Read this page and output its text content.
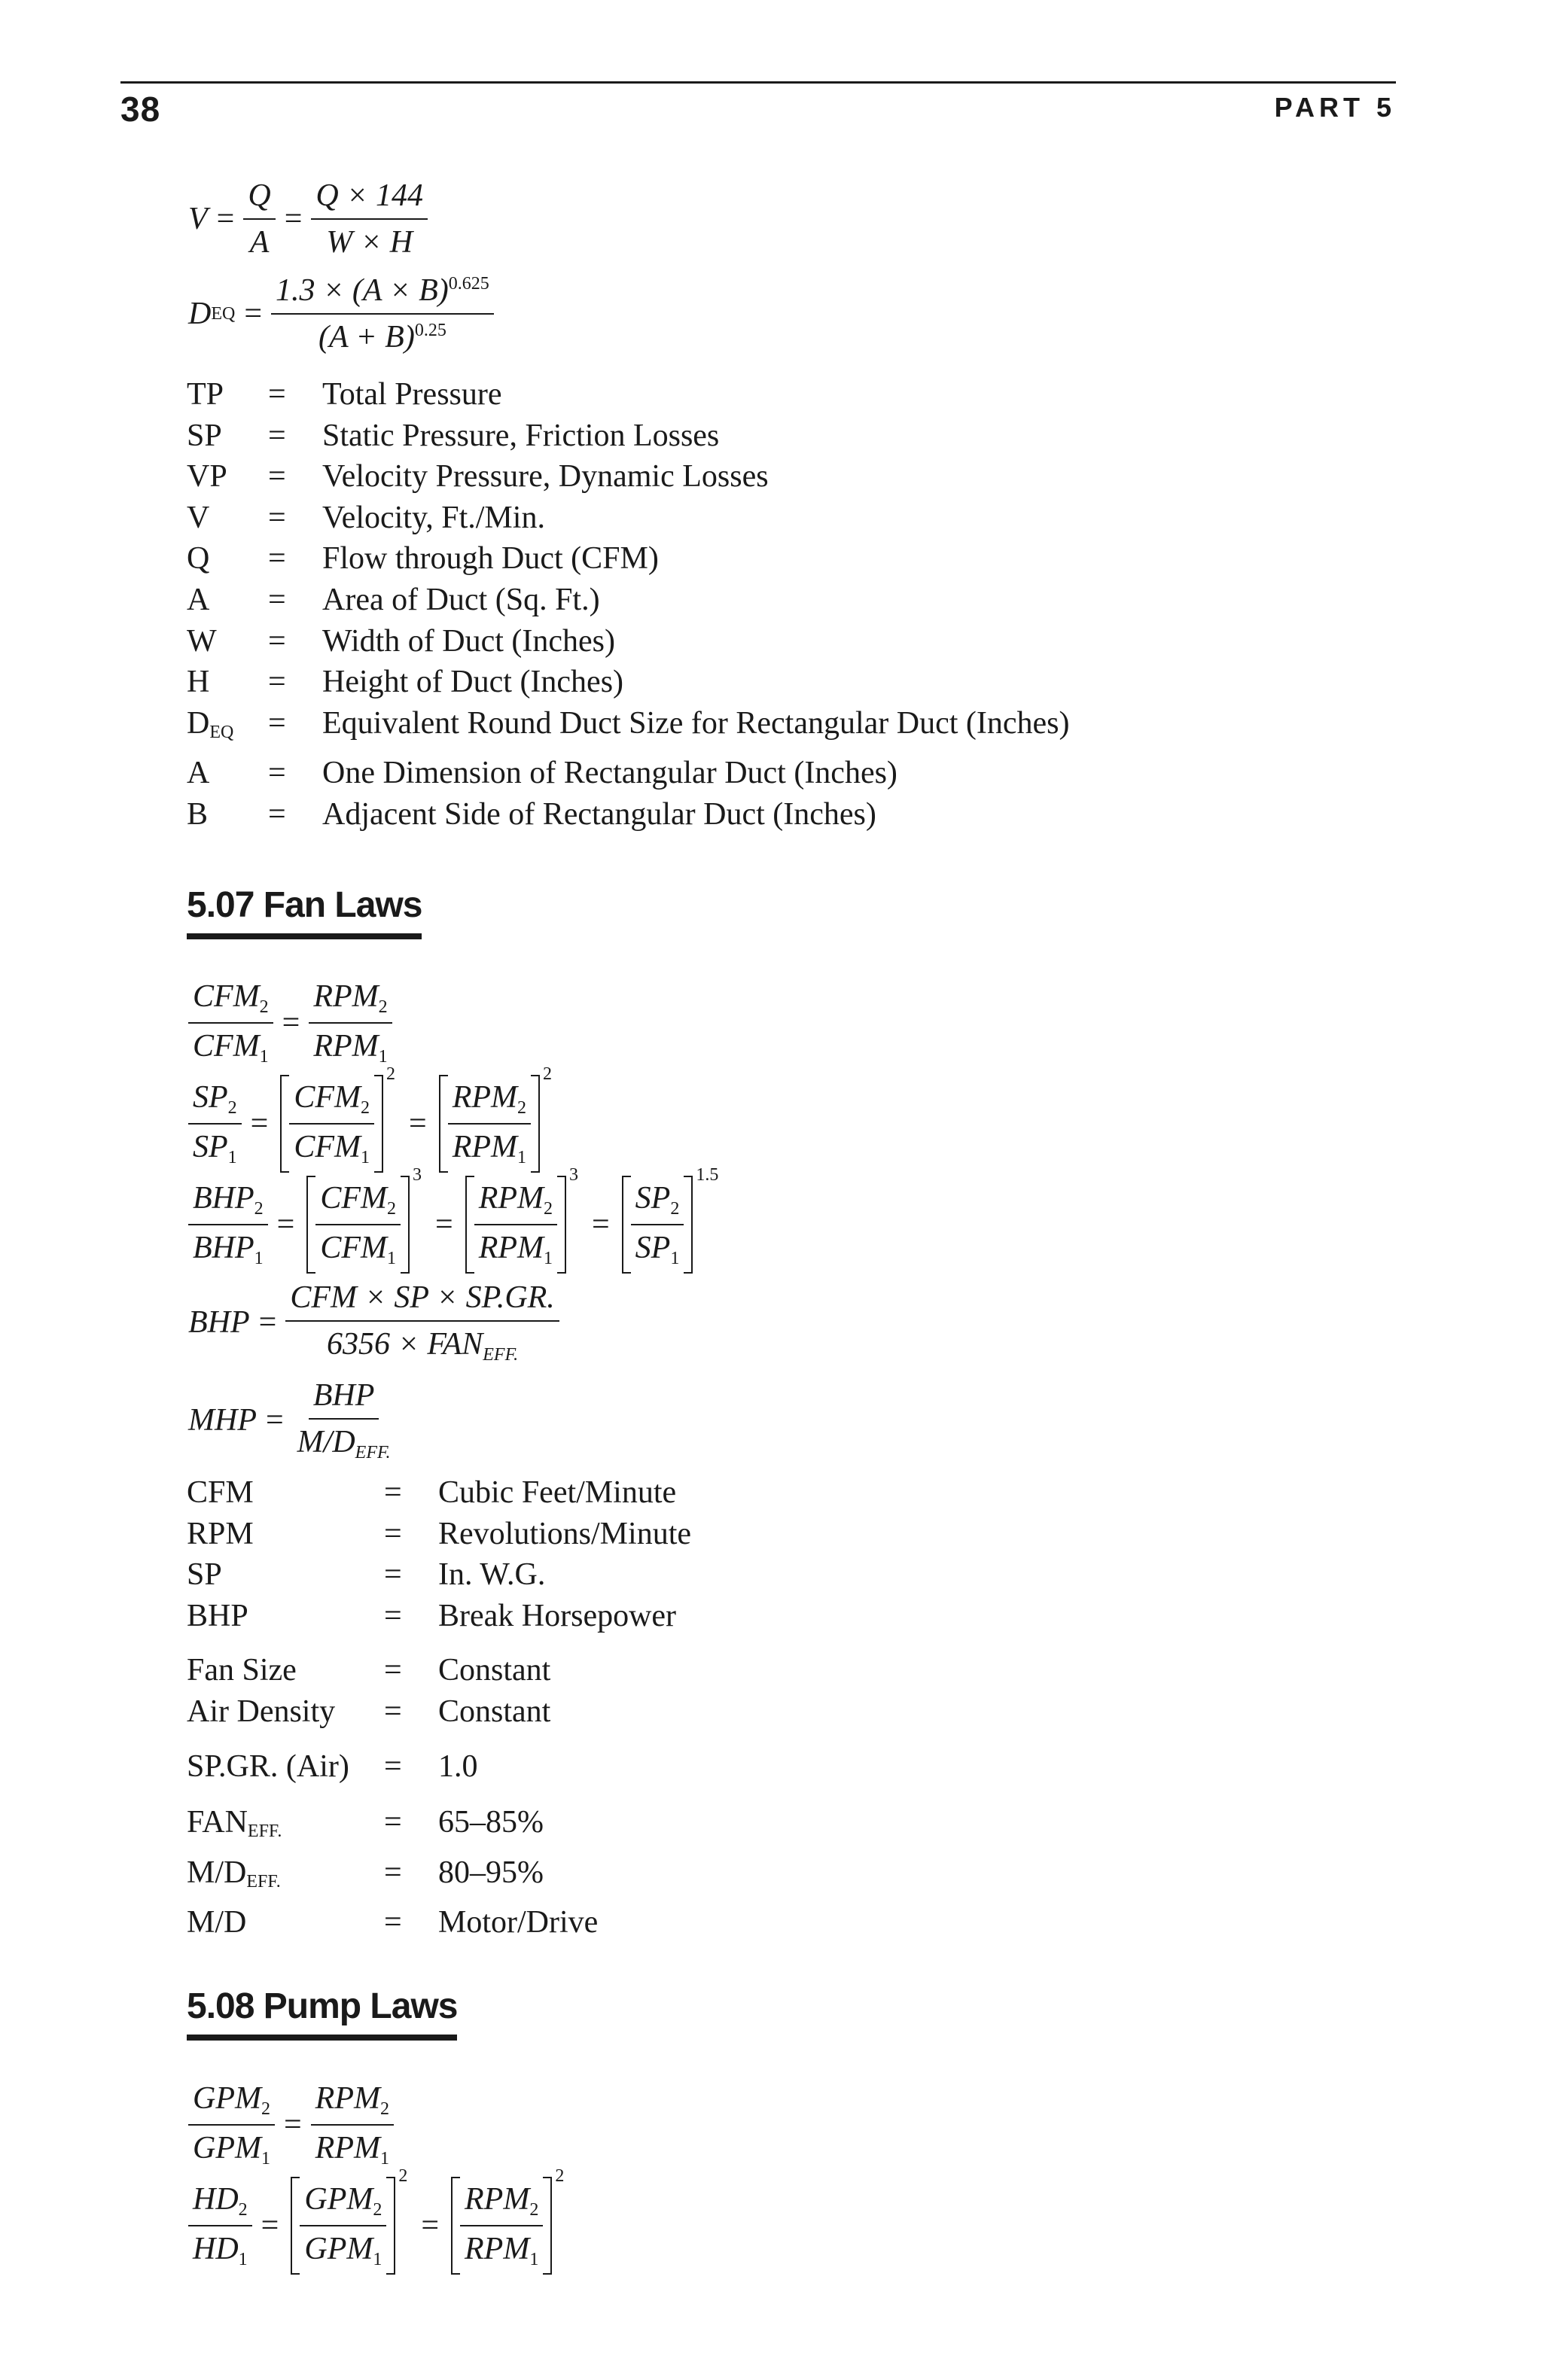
38	PART 5
$V = \frac{Q}{A} = \frac{Q \times 144}{W \times H}$
D EQ = $\frac{1.3 \times (A \times B)^{0.625}}{(A + B)^{0.25}}$
TP	=	Total Pressure
SP	=	Static Pressure, Friction Losses
VP	=	Velocity Pressure, Dynamic Losses
V	=	Velocity, Ft./Min.
Q	=	Flow through Duct (CFM)
A	=	Area of Duct (Sq. Ft.)
W	=	Width of Duct (Inches)
H	=	Height of Duct (Inches)
$D_{EQ}$	=	Equivalent Round Duct Size for Rectangular Duct (Inches)
A	=	One Dimension of Rectangular Duct (Inches)
B	=	Adjacent Side of Rectangular Duct (Inches)
5.07 Fan Laws
$\frac{CFM_2}{CFM_1} = \frac{RPM_2}{RPM_1}$
$\frac{SP_2}{SP_1} = \frac{CFM_2}{CFM_1}$
2
= $\frac{RPM_2}{RPM_1}$
2
$\frac{BHP_2}{BHP_1} = \frac{CFM_2}{CFM_1}$
3
= $\frac{RPM_2}{RPM_1}$
3
= $\frac{SP_2}{SP_1}$
1.5
BHP = $\frac{\text{CFM × SP × SP.GR.}}{6356 \times FAN_{EFF.}}$
MHP = $\frac{\text{BHP}}{M/D_{EFF.}}$
CFM	=	Cubic Feet/Minute
RPM	=	Revolutions/Minute
SP	=	In. W.G.
BHP	=	Break Horsepower
Fan Size	=	Constant
Air Density	=	Constant
SP.GR. (Air)	=	1.0
$FAN_{EFF.}$	=	65–85%
$M/D_{EFF.}$	=	80–95%
M/D	=	Motor/Drive
5.08 Pump Laws
$\frac{GPM_2}{GPM_1} = \frac{RPM_2}{RPM_1}$
$\frac{HD_2}{HD_1} = \frac{GPM_2}{GPM_1}$
2
= $\frac{RPM_2}{RPM_1}$
2
